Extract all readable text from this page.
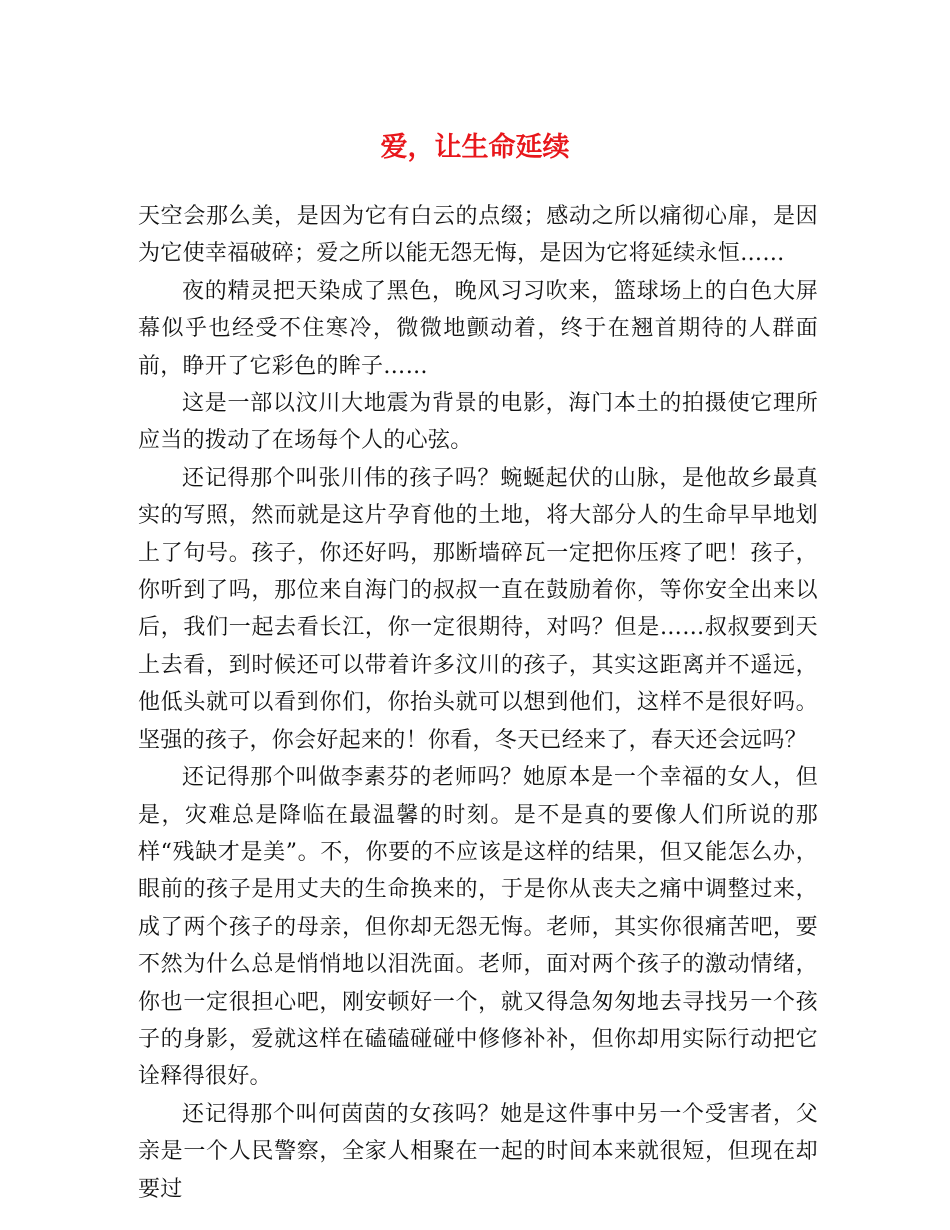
爱，让生命延续

天空会那么美，是因为它有白云的点缀；感动之所以痛彻心扉，是因为它使幸福破碎；爱之所以能无怨无悔，是因为它将延续永恒……

夜的精灵把天染成了黑色，晚风习习吹来，篮球场上的白色大屏幕似乎也经受不住寒冷，微微地颤动着，终于在翘首期待的人群面前，睁开了它彩色的眸子……

这是一部以汶川大地震为背景的电影，海门本土的拍摄使它理所应当的拨动了在场每个人的心弦。

还记得那个叫张川伟的孩子吗？蜿蜒起伏的山脉，是他故乡最真实的写照，然而就是这片孕育他的土地，将大部分人的生命早早地划上了句号。孩子，你还好吗，那断墙碎瓦一定把你压疼了吧！孩子，你听到了吗，那位来自海门的叔叔一直在鼓励着你，等你安全出来以后，我们一起去看长江，你一定很期待，对吗？但是……叔叔要到天上去看，到时候还可以带着许多汶川的孩子，其实这距离并不遥远，他低头就可以看到你们，你抬头就可以想到他们，这样不是很好吗。坚强的孩子，你会好起来的！你看，冬天已经来了，春天还会远吗？

还记得那个叫做李素芬的老师吗？她原本是一个幸福的女人，但是，灾难总是降临在最温馨的时刻。是不是真的要像人们所说的那样“残缺才是美”。不，你要的不应该是这样的结果，但又能怎么办，眼前的孩子是用丈夫的生命换来的，于是你从丧夫之痛中调整过来，成了两个孩子的母亲，但你却无怨无悔。老师，其实你很痛苦吧，要不然为什么总是悄悄地以泪洗面。老师，面对两个孩子的激动情绪，你也一定很担心吧，刚安顿好一个，就又得急匆匆地去寻找另一个孩子的身影，爱就这样在磕磕碰碰中修修补补，但你却用实际行动把它诠释得很好。

还记得那个叫何茵茵的女孩吗？她是这件事中另一个受害者，父亲是一个人民警察，全家人相聚在一起的时间本来就很短，但现在却要过
